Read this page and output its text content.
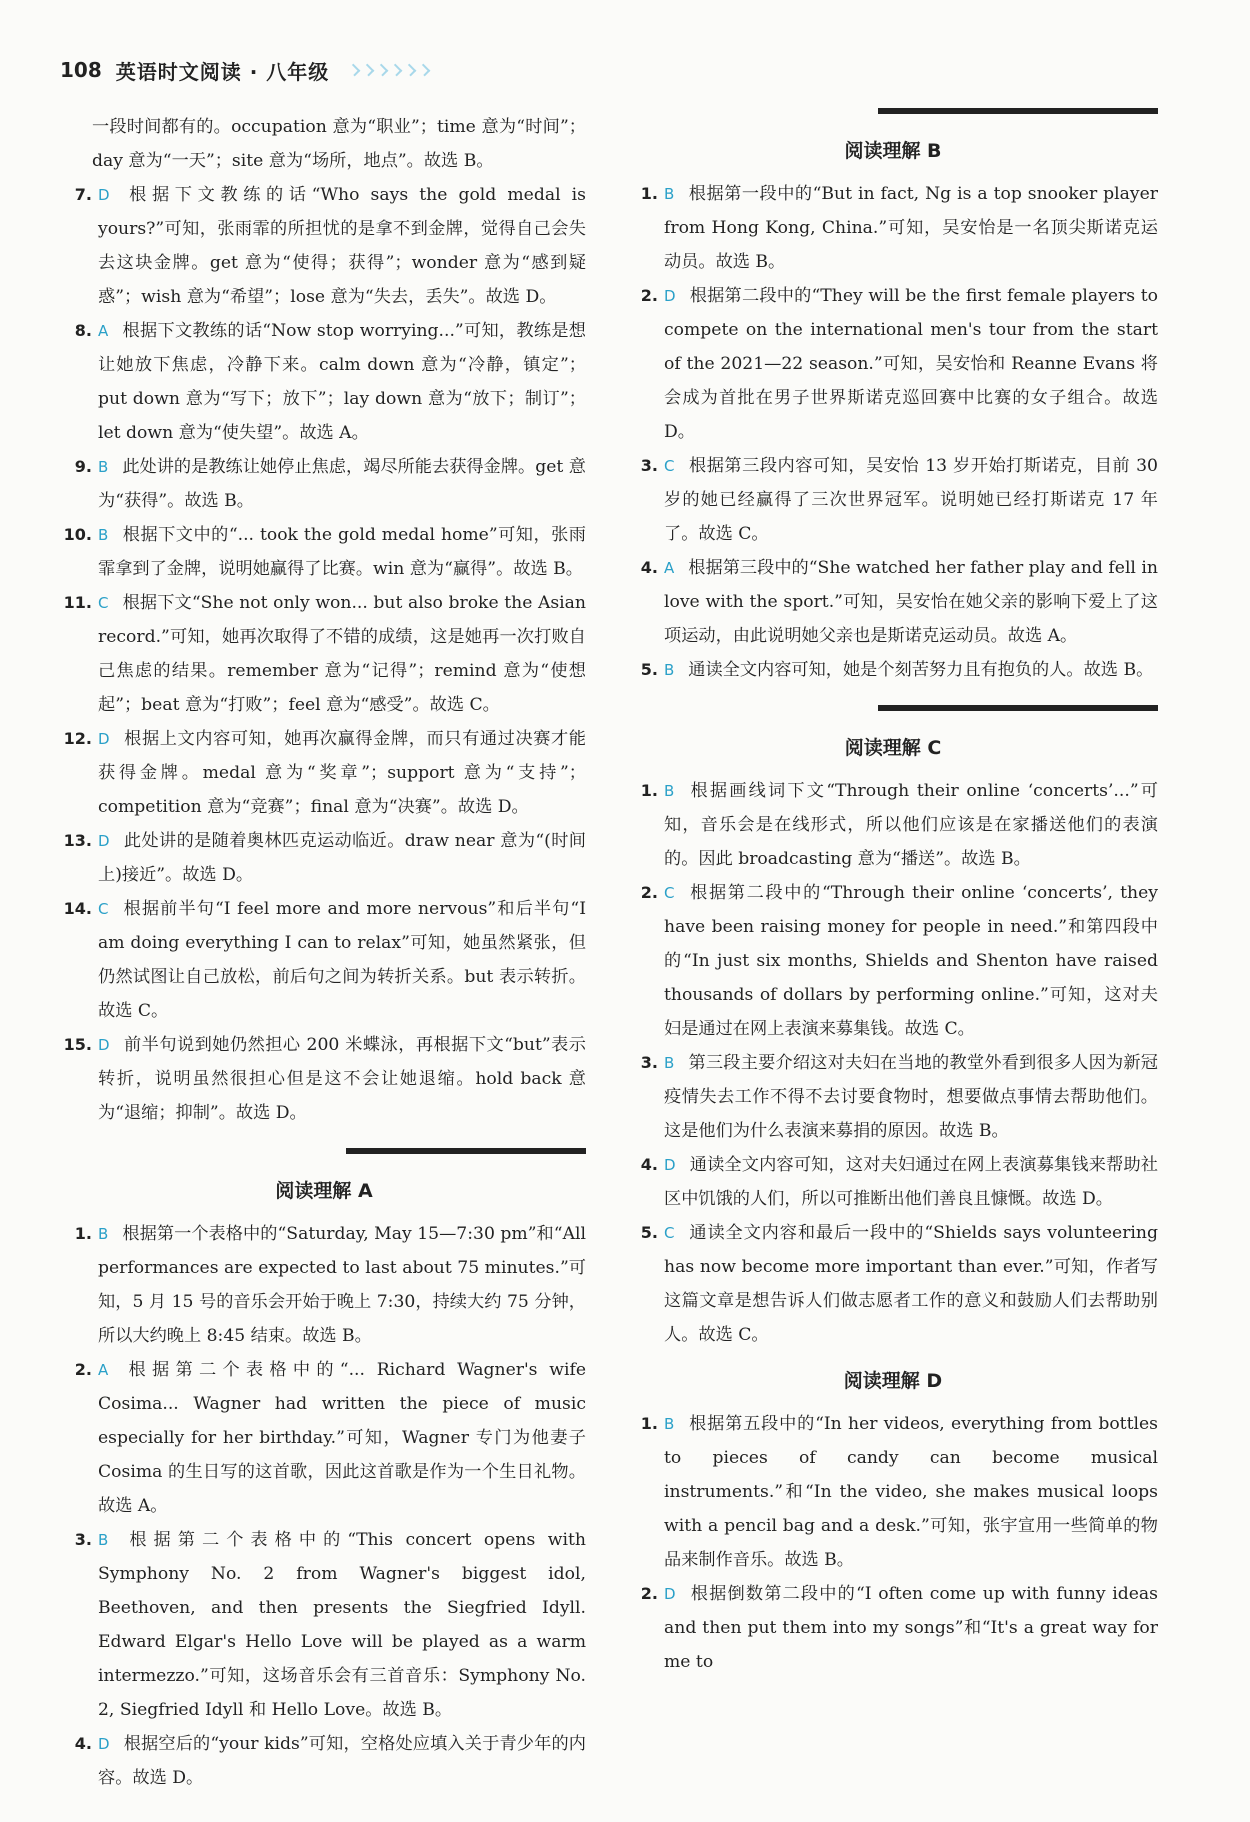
108 英语时文阅读 · 八年级
一段时间都有的。occupation 意为“职业”；time 意为“时间”；day 意为“一天”；site 意为“场所，地点”。故选 B。
7. D 根据下文教练的话“Who says the gold medal is yours?”可知，张雨霏的所担忧的是拿不到金牌，觉得自己会失去这块金牌。get 意为“使得；获得”；wonder 意为“感到疑惑”；wish 意为“希望”；lose 意为“失去，丢失”。故选 D。
8. A 根据下文教练的话“Now stop worrying...”可知，教练是想让她放下焦虑，冷静下来。calm down 意为“冷静，镇定”；put down 意为“写下；放下”；lay down 意为“放下；制订”；let down 意为“使失望”。故选 A。
9. B 此处讲的是教练让她停止焦虑，竭尽所能去获得金牌。get 意为“获得”。故选 B。
10. B 根据下文中的“... took the gold medal home”可知，张雨霏拿到了金牌，说明她赢得了比赛。win 意为“赢得”。故选 B。
11. C 根据下文“She not only won... but also broke the Asian record.”可知，她再次取得了不错的成绩，这是她再一次打败自己焦虑的结果。remember 意为“记得”；remind 意为“使想起”；beat 意为“打败”；feel 意为“感受”。故选 C。
12. D 根据上文内容可知，她再次赢得金牌，而只有通过决赛才能获得金牌。medal 意为“奖章”；support 意为“支持”；competition 意为“竞赛”；final 意为“决赛”。故选 D。
13. D 此处讲的是随着奥林匹克运动临近。draw near 意为“(时间上)接近”。故选 D。
14. C 根据前半句“I feel more and more nervous”和后半句“I am doing everything I can to relax”可知，她虽然紧张，但仍然试图让自己放松，前后句之间为转折关系。but 表示转折。故选 C。
15. D 前半句说到她仍然担心 200 米蝶泳，再根据下文“but”表示转折，说明虽然很担心但是这不会让她退缩。hold back 意为“退缩；抑制”。故选 D。
阅读理解 A
1. B 根据第一个表格中的“Saturday, May 15—7:30 pm”和“All performances are expected to last about 75 minutes.”可知，5 月 15 号的音乐会开始于晚上 7:30，持续大约 75 分钟，所以大约晚上 8:45 结束。故选 B。
2. A 根据第二个表格中的“... Richard Wagner's wife Cosima... Wagner had written the piece of music especially for her birthday.”可知，Wagner 专门为他妻子 Cosima 的生日写的这首歌，因此这首歌是作为一个生日礼物。故选 A。
3. B 根据第二个表格中的“This concert opens with Symphony No. 2 from Wagner's biggest idol, Beethoven, and then presents the Siegfried Idyll. Edward Elgar's Hello Love will be played as a warm intermezzo.”可知，这场音乐会有三首音乐：Symphony No. 2, Siegfried Idyll 和 Hello Love。故选 B。
4. D 根据空后的“your kids”可知，空格处应填入关于青少年的内容。故选 D。
阅读理解 B
1. B 根据第一段中的“But in fact, Ng is a top snooker player from Hong Kong, China.”可知，吴安怡是一名顶尖斯诺克运动员。故选 B。
2. D 根据第二段中的“They will be the first female players to compete on the international men's tour from the start of the 2021—22 season.”可知，吴安怡和 Reanne Evans 将会成为首批在男子世界斯诺克巡回赛中比赛的女子组合。故选 D。
3. C 根据第三段内容可知，吴安怡 13 岁开始打斯诺克，目前 30 岁的她已经赢得了三次世界冠军。说明她已经打斯诺克 17 年了。故选 C。
4. A 根据第三段中的“She watched her father play and fell in love with the sport.”可知，吴安怡在她父亲的影响下爱上了这项运动，由此说明她父亲也是斯诺克运动员。故选 A。
5. B 通读全文内容可知，她是个刻苦努力且有抱负的人。故选 B。
阅读理解 C
1. B 根据画线词下文“Through their online ‘concerts’...”可知，音乐会是在线形式，所以他们应该是在家播送他们的表演的。因此 broadcasting 意为“播送”。故选 B。
2. C 根据第二段中的“Through their online ‘concerts’, they have been raising money for people in need.”和第四段中的“In just six months, Shields and Shenton have raised thousands of dollars by performing online.”可知，这对夫妇是通过在网上表演来募集钱。故选 C。
3. B 第三段主要介绍这对夫妇在当地的教堂外看到很多人因为新冠疫情失去工作不得不去讨要食物时，想要做点事情去帮助他们。这是他们为什么表演来募捐的原因。故选 B。
4. D 通读全文内容可知，这对夫妇通过在网上表演募集钱来帮助社区中饥饿的人们，所以可推断出他们善良且慷慨。故选 D。
5. C 通读全文内容和最后一段中的“Shields says volunteering has now become more important than ever.”可知，作者写这篇文章是想告诉人们做志愿者工作的意义和鼓励人们去帮助别人。故选 C。
阅读理解 D
1. B 根据第五段中的“In her videos, everything from bottles to pieces of candy can become musical instruments.”和“In the video, she makes musical loops with a pencil bag and a desk.”可知，张宇宣用一些简单的物品来制作音乐。故选 B。
2. D 根据倒数第二段中的“I often come up with funny ideas and then put them into my songs”和“It's a great way for me to
